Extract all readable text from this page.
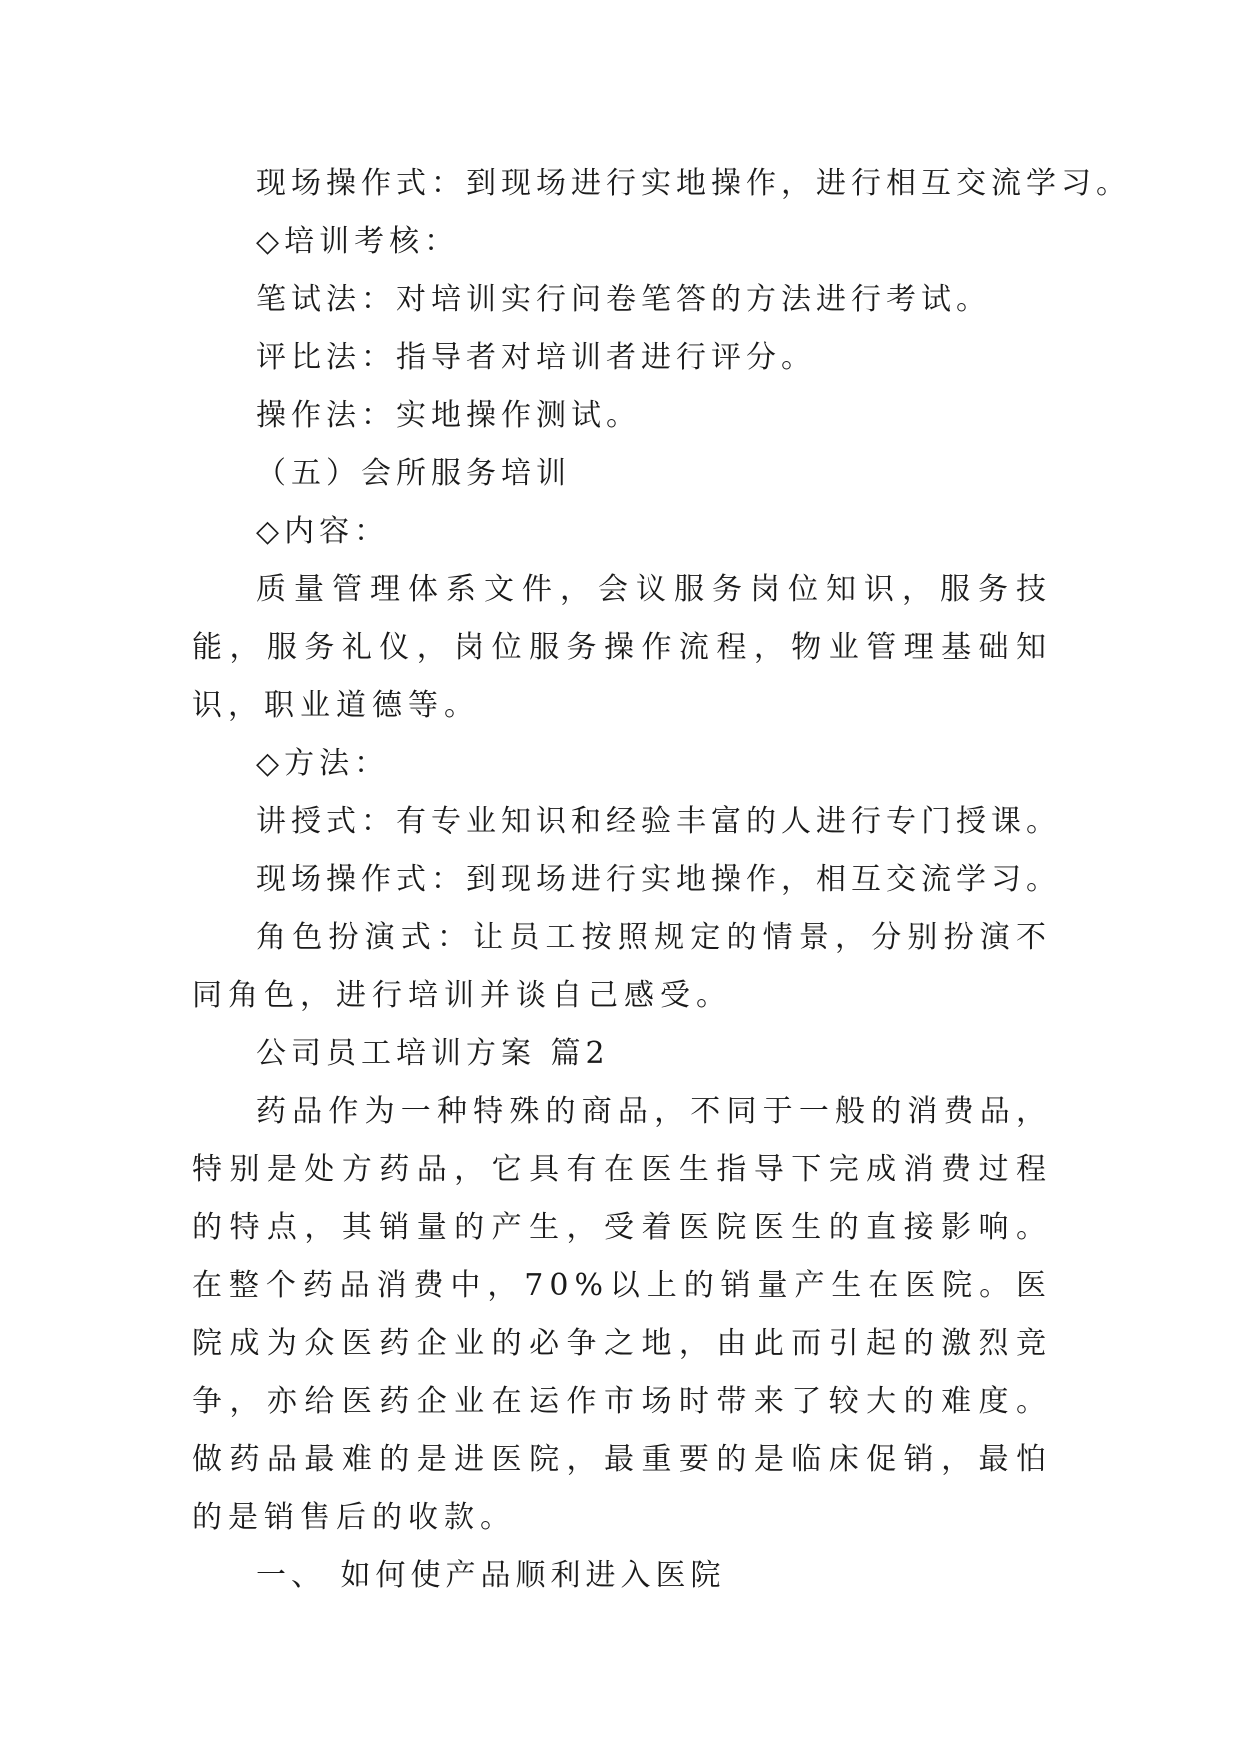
现场操作式：到现场进行实地操作，进行相互交流学习。

◇培训考核：

笔试法：对培训实行问卷笔答的方法进行考试。

评比法：指导者对培训者进行评分。

操作法：实地操作测试。

（五）会所服务培训

◇内容：

质量管理体系文件，会议服务岗位知识，服务技能，服务礼仪，岗位服务操作流程，物业管理基础知识，职业道德等。

◇方法：

讲授式：有专业知识和经验丰富的人进行专门授课。

现场操作式：到现场进行实地操作，相互交流学习。

角色扮演式：让员工按照规定的情景，分别扮演不同角色，进行培训并谈自己感受。

公司员工培训方案 篇2

药品作为一种特殊的商品，不同于一般的消费品，特别是处方药品，它具有在医生指导下完成消费过程的特点，其销量的产生，受着医院医生的直接影响。在整个药品消费中，70%以上的销量产生在医院。医院成为众医药企业的必争之地，由此而引起的激烈竞争，亦给医药企业在运作市场时带来了较大的难度。做药品最难的是进医院，最重要的是临床促销，最怕的是销售后的收款。

一、 如何使产品顺利进入医院
